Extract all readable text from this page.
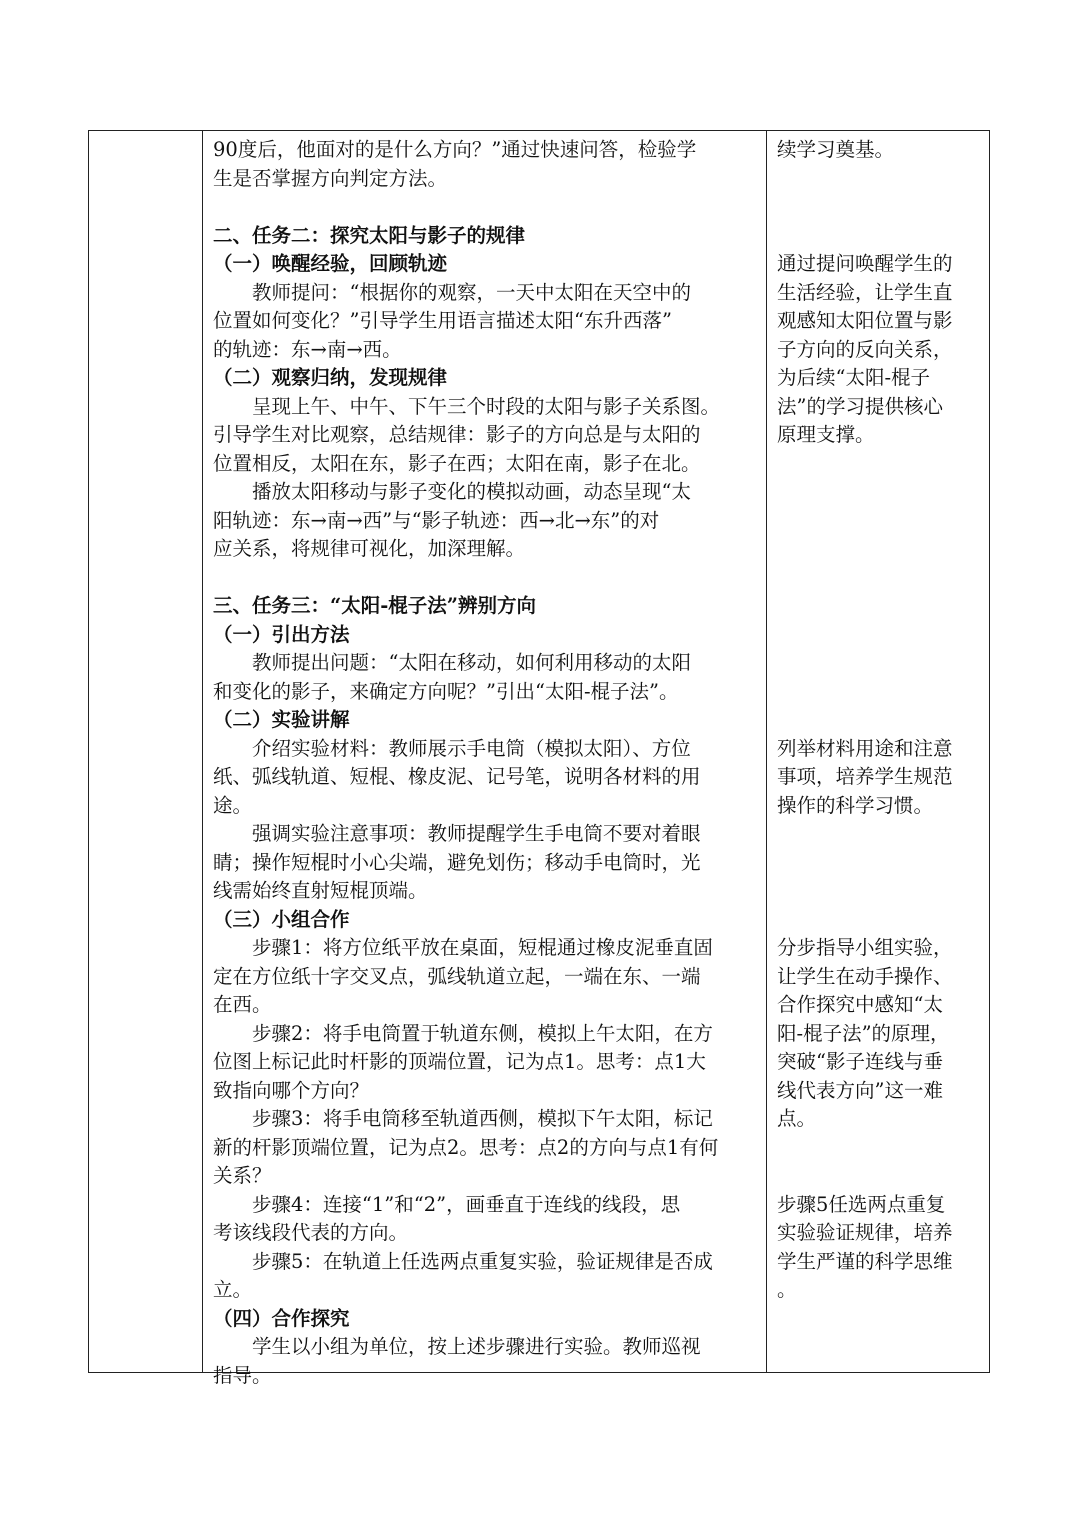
90度后，他面对的是什么方向？”通过快速问答，检验学
生是否掌握方向判定方法。
二、任务二：探究太阳与影子的规律
（一）唤醒经验，回顾轨迹
教师提问：“根据你的观察，一天中太阳在天空中的
位置如何变化？”引导学生用语言描述太阳“东升西落”
的轨迹：东→南→西。
（二）观察归纳，发现规律
呈现上午、中午、下午三个时段的太阳与影子关系图。
引导学生对比观察，总结规律：影子的方向总是与太阳的
位置相反，太阳在东，影子在西；太阳在南，影子在北。
播放太阳移动与影子变化的模拟动画，动态呈现“太
阳轨迹：东→南→西”与“影子轨迹：西→北→东”的对
应关系，将规律可视化，加深理解。
三、任务三：“太阳-棍子法”辨别方向
（一）引出方法
教师提出问题：“太阳在移动，如何利用移动的太阳
和变化的影子，来确定方向呢？”引出“太阳-棍子法”。
（二）实验讲解
介绍实验材料：教师展示手电筒（模拟太阳）、方位
纸、弧线轨道、短棍、橡皮泥、记号笔，说明各材料的用
途。
强调实验注意事项：教师提醒学生手电筒不要对着眼
睛；操作短棍时小心尖端，避免划伤；移动手电筒时，光
线需始终直射短棍顶端。
（三）小组合作
步骤1：将方位纸平放在桌面，短棍通过橡皮泥垂直固
定在方位纸十字交叉点，弧线轨道立起，一端在东、一端
在西。
步骤2：将手电筒置于轨道东侧，模拟上午太阳，在方
位图上标记此时杆影的顶端位置，记为点1。思考：点1大
致指向哪个方向？
步骤3：将手电筒移至轨道西侧，模拟下午太阳，标记
新的杆影顶端位置，记为点2。思考：点2的方向与点1有何
关系？
步骤4：连接“1”和“2”，画垂直于连线的线段，思
考该线段代表的方向。
步骤5：在轨道上任选两点重复实验，验证规律是否成
立。
（四）合作探究
学生以小组为单位，按上述步骤进行实验。教师巡视
指导。
续学习奠基。
通过提问唤醒学生的
生活经验，让学生直
观感知太阳位置与影
子方向的反向关系，
为后续“太阳-棍子
法”的学习提供核心
原理支撑。
列举材料用途和注意
事项，培养学生规范
操作的科学习惯。
分步指导小组实验，
让学生在动手操作、
合作探究中感知“太
阳-棍子法”的原理，
突破“影子连线与垂
线代表方向”这一难
点。
步骤5任选两点重复
实验验证规律，培养
学生严谨的科学思维
。
